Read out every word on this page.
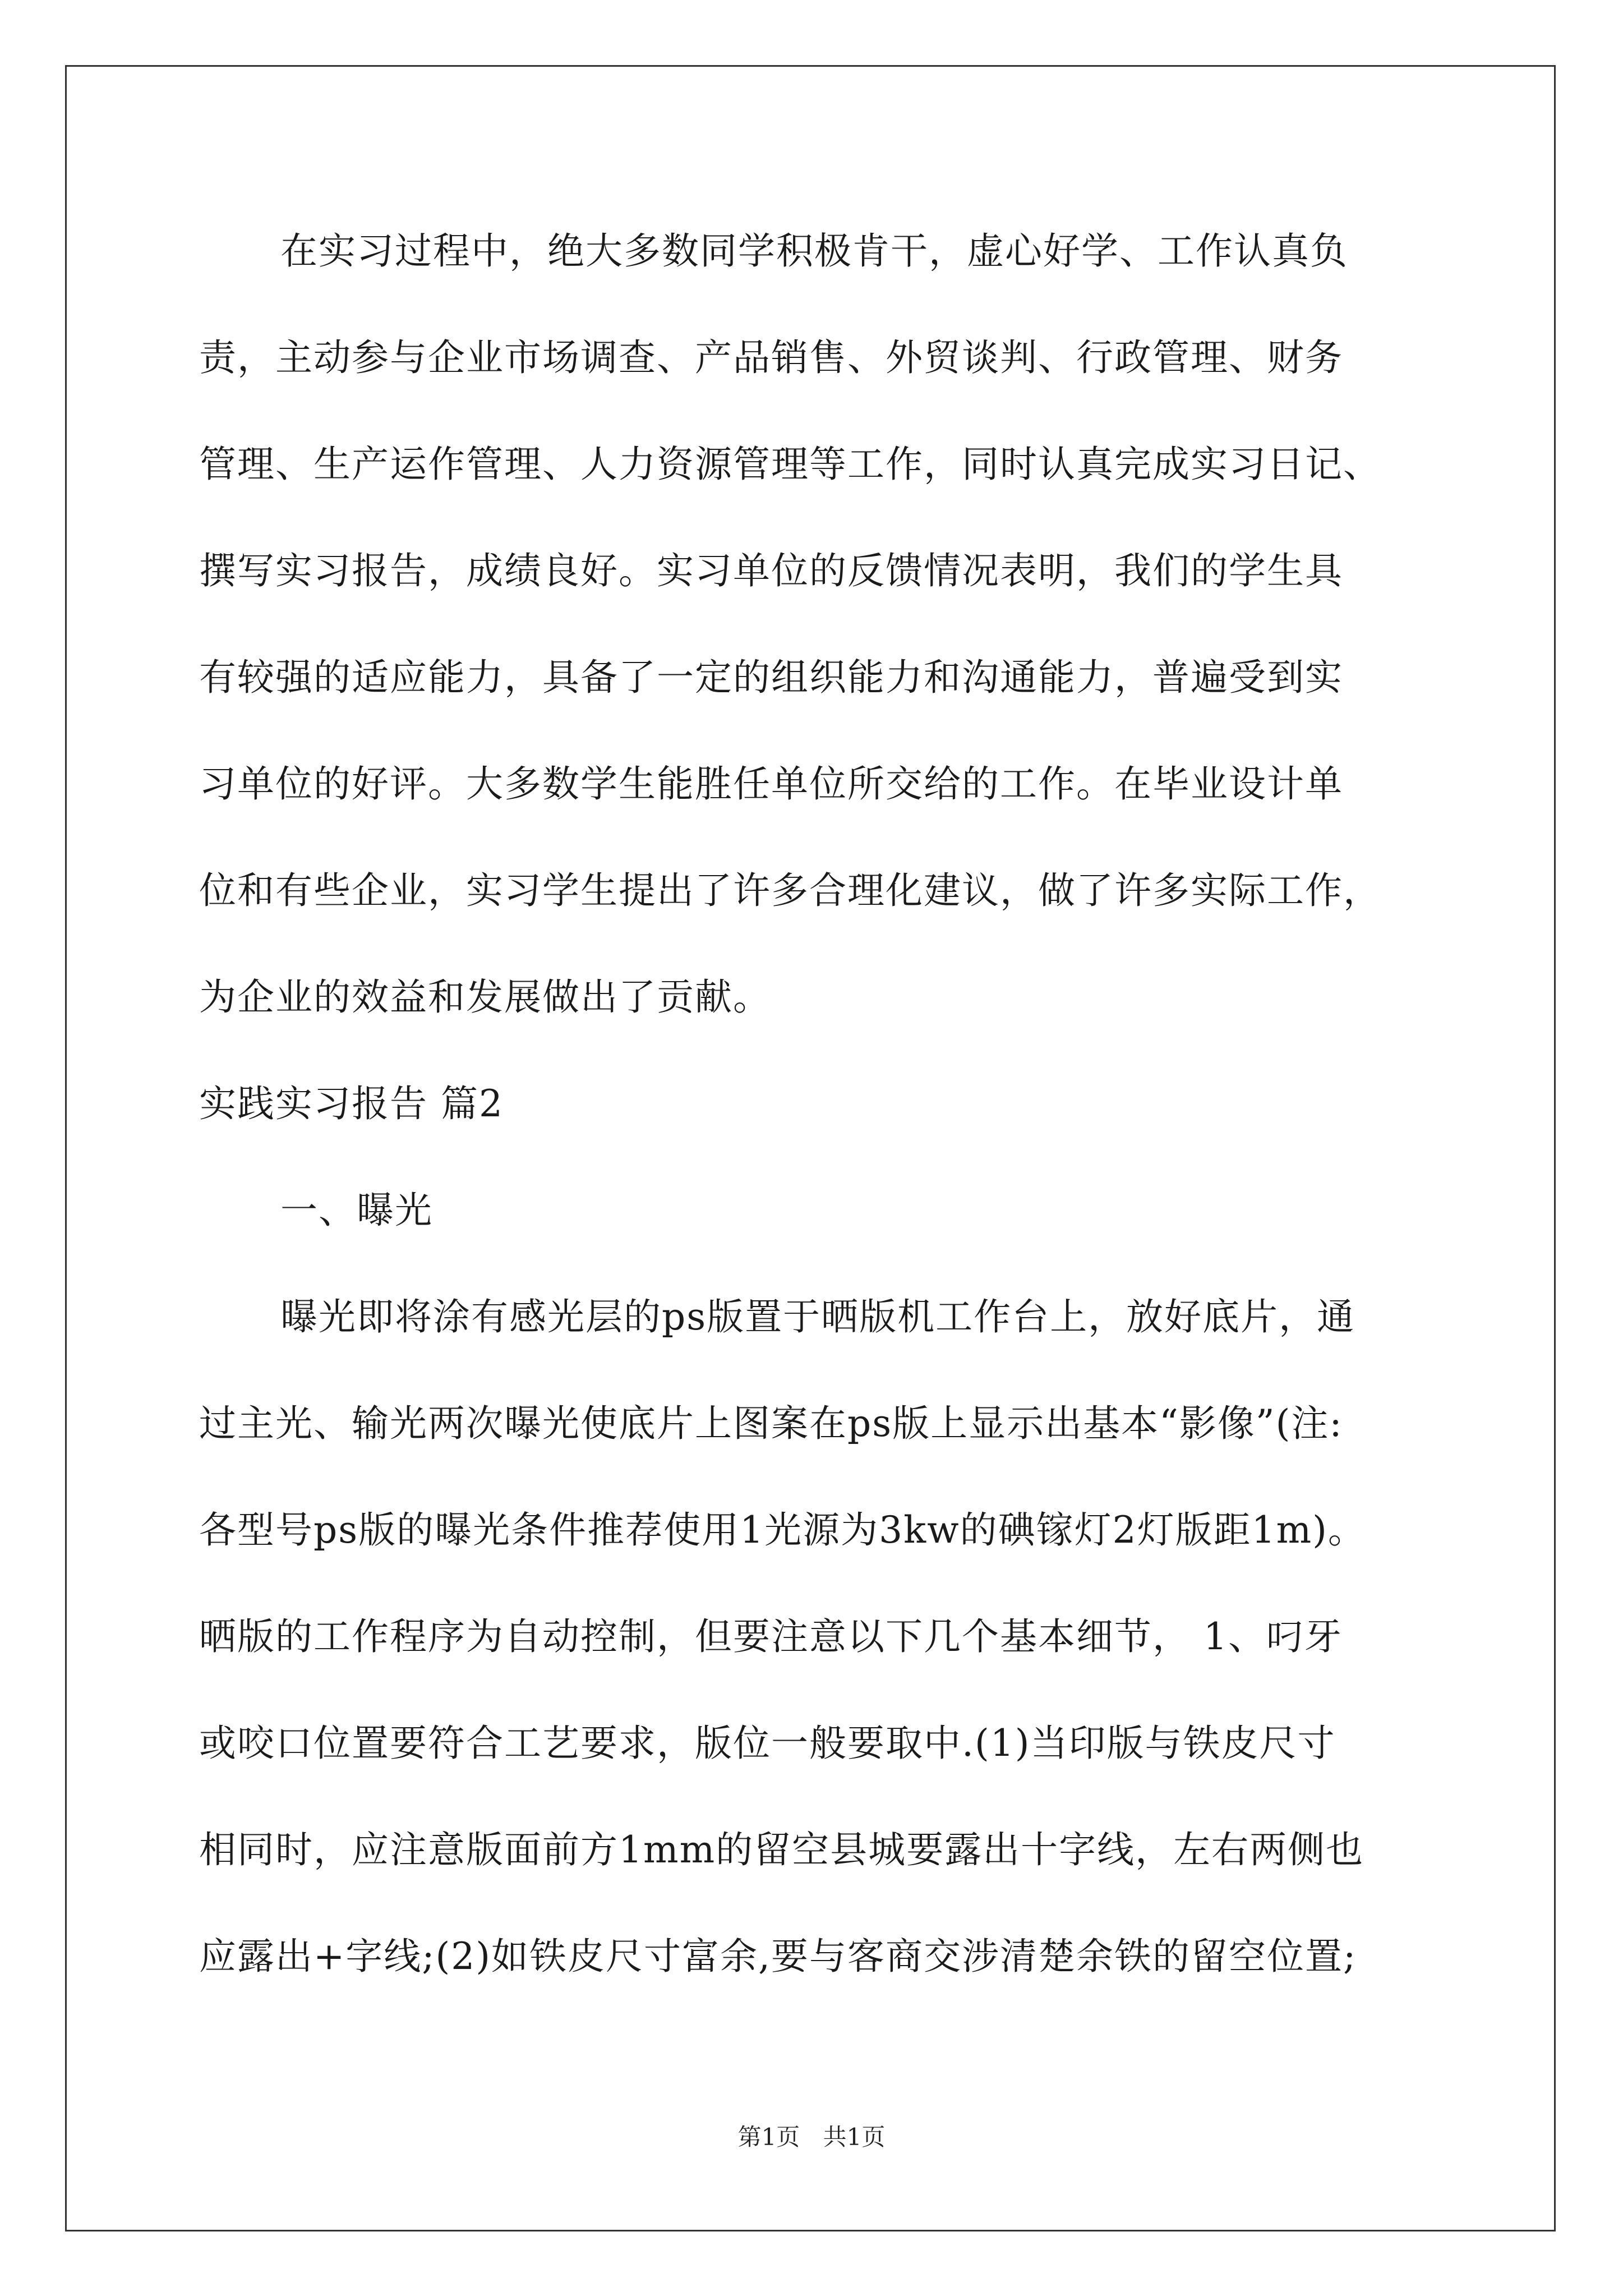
在实习过程中，绝大多数同学积极肯干，虚心好学、工作认真负
责，主动参与企业市场调查、产品销售、外贸谈判、行政管理、财务
管理、生产运作管理、人力资源管理等工作，同时认真完成实习日记、
撰写实习报告，成绩良好。实习单位的反馈情况表明，我们的学生具
有较强的适应能力，具备了一定的组织能力和沟通能力，普遍受到实
习单位的好评。大多数学生能胜任单位所交给的工作。在毕业设计单
位和有些企业，实习学生提出了许多合理化建议，做了许多实际工作，
为企业的效益和发展做出了贡献。
实践实习报告 篇2
一、曝光
曝光即将涂有感光层的ps版置于晒版机工作台上，放好底片，通
过主光、输光两次曝光使底片上图案在ps版上显示出基本“影像”(注:
各型号ps版的曝光条件推荐使用1光源为3kw的碘镓灯2灯版距1m)。
晒版的工作程序为自动控制，但要注意以下几个基本细节， 1、叼牙
或咬口位置要符合工艺要求，版位一般要取中.(1)当印版与铁皮尺寸
相同时，应注意版面前方1mm的留空县城要露出十字线，左右两侧也
应露出+字线;(2)如铁皮尺寸富余,要与客商交涉清楚余铁的留空位置;
第1页 共1页
